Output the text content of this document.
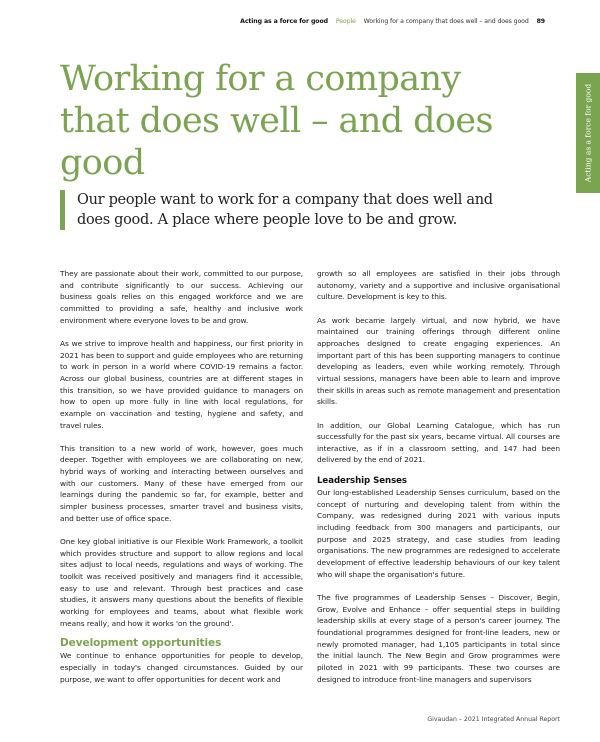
Acting as a force for good People Working for a company that does well – and does good 89
Acting as a force for good
Working for a company that does well – and does good
Our people want to work for a company that does well and does good. A place where people love to be and grow.

They are passionate about their work, committed to our purpose, and contribute significantly to our success. Achieving our business goals relies on this engaged workforce and we are committed to providing a safe, healthy and inclusive work environment where everyone loves to be and grow.

As we strive to improve health and happiness, our first priority in 2021 has been to support and guide employees who are returning to work in person in a world where COVID-19 remains a factor. Across our global business, countries are at different stages in this transition, so we have provided guidance to managers on how to open up more fully in line with local regulations, for example on vaccination and testing, hygiene and safety, and travel rules.

This transition to a new world of work, however, goes much deeper. Together with employees we are collaborating on new, hybrid ways of working and interacting between ourselves and with our customers. Many of these have emerged from our learnings during the pandemic so far, for example, better and simpler business processes, smarter travel and business visits, and better use of office space.

One key global initiative is our Flexible Work Framework, a toolkit which provides structure and support to allow regions and local sites adjust to local needs, regulations and ways of working. The toolkit was received positively and managers find it accessible, easy to use and relevant. Through best practices and case studies, it answers many questions about the benefits of flexible working for employees and teams, about what flexible work means really, and how it works 'on the ground'.

Development opportunities

We continue to enhance opportunities for people to develop, especially in today's changed circumstances. Guided by our purpose, we want to offer opportunities for decent work and

growth so all employees are satisfied in their jobs through autonomy, variety and a supportive and inclusive organisational culture. Development is key to this.

As work became largely virtual, and now hybrid, we have maintained our training offerings through different online approaches designed to create engaging experiences. An important part of this has been supporting managers to continue developing as leaders, even while working remotely. Through virtual sessions, managers have been able to learn and improve their skills in areas such as remote management and presentation skills.

In addition, our Global Learning Catalogue, which has run successfully for the past six years, became virtual. All courses are interactive, as if in a classroom setting, and 147 had been delivered by the end of 2021.

Leadership Senses

Our long-established Leadership Senses curriculum, based on the concept of nurturing and developing talent from within the Company, was redesigned during 2021 with various inputs including feedback from 300 managers and participants, our purpose and 2025 strategy, and case studies from leading organisations. The new programmes are redesigned to accelerate development of effective leadership behaviours of our key talent who will shape the organisation's future.

The five programmes of Leadership Senses – Discover, Begin, Grow, Evolve and Enhance – offer sequential steps in building leadership skills at every stage of a person's career journey. The foundational programmes designed for front-line leaders, new or newly promoted manager, had 1,105 participants in total since the initial launch. The New Begin and Grow programmes were piloted in 2021 with 99 participants. These two courses are designed to introduce front-line managers and supervisors

Givaudan – 2021 Integrated Annual Report
